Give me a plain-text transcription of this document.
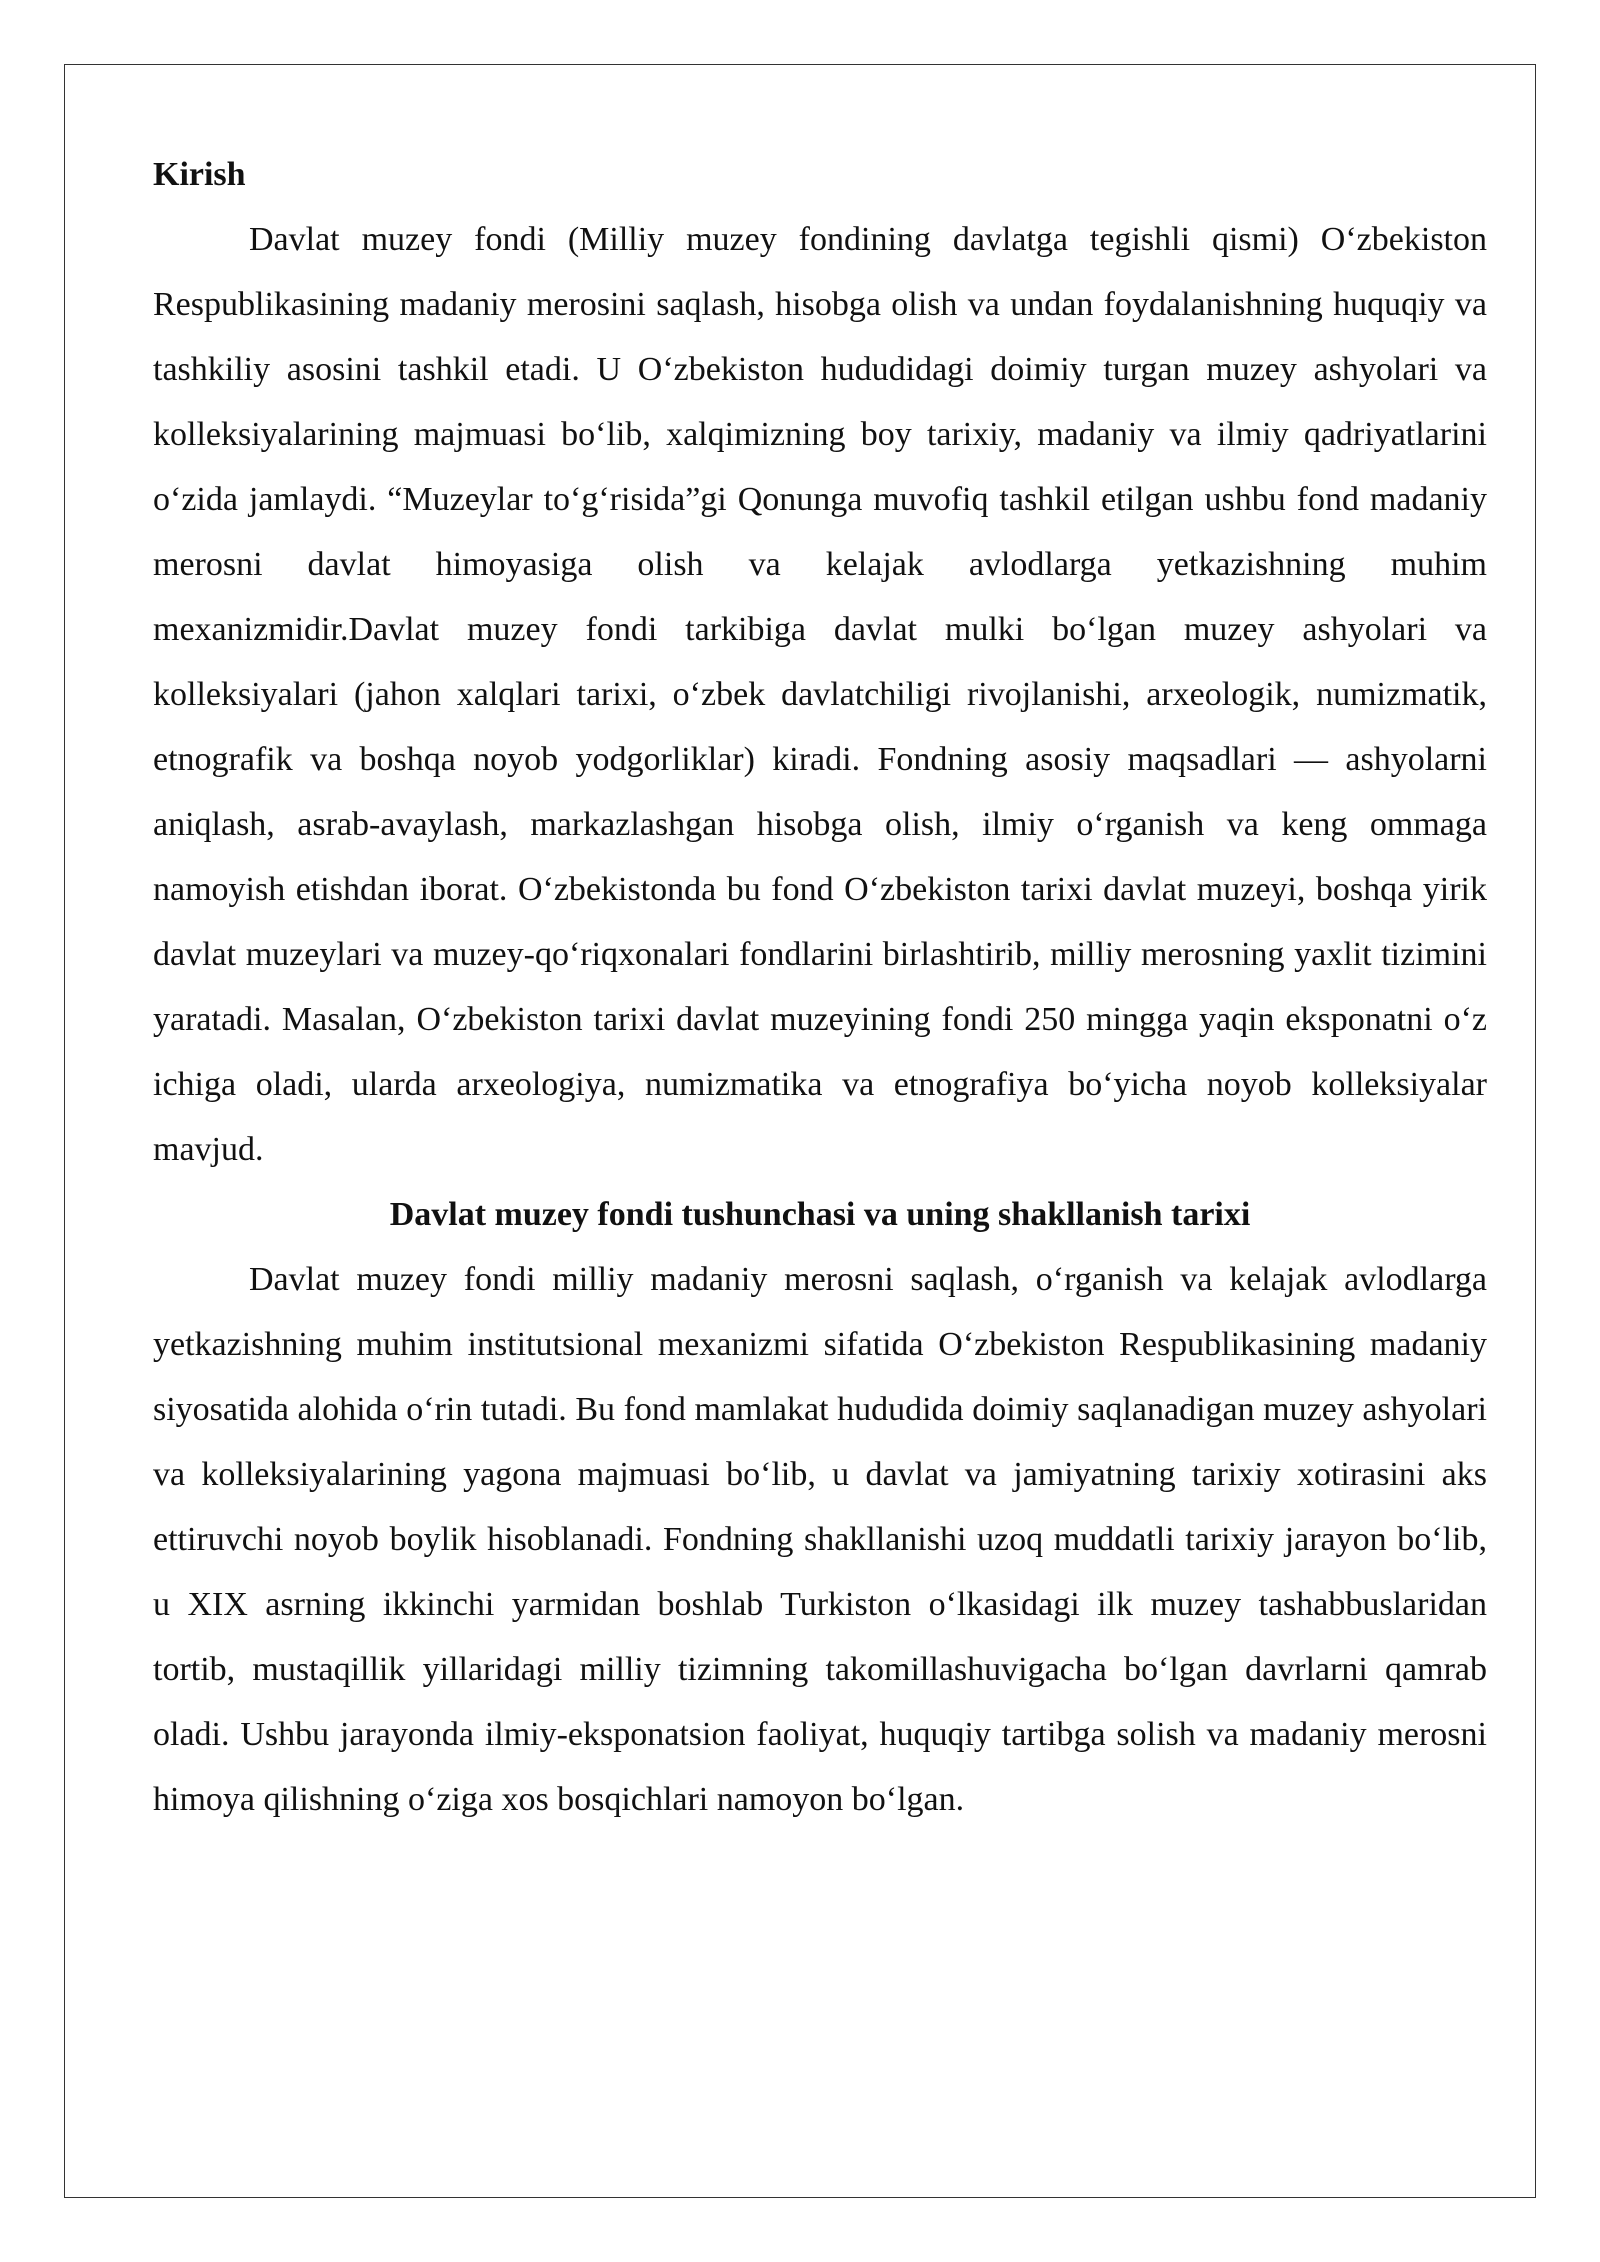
Kirish

Davlat muzey fondi (Milliy muzey fondining davlatga tegishli qismi) O‘zbekiston Respublikasining madaniy merosini saqlash, hisobga olish va undan foydalanishning huquqiy va tashkiliy asosini tashkil etadi. U O‘zbekiston hududidagi doimiy turgan muzey ashyolari va kolleksiyalarining majmuasi bo‘lib, xalqimizning boy tarixiy, madaniy va ilmiy qadriyatlarini o‘zida jamlaydi. “Muzeylar to‘g‘risida”gi Qonunga muvofiq tashkil etilgan ushbu fond madaniy merosni davlat himoyasiga olish va kelajak avlodlarga yetkazishning muhim mexanizmidir.Davlat muzey fondi tarkibiga davlat mulki bo‘lgan muzey ashyolari va kolleksiyalari (jahon xalqlari tarixi, o‘zbek davlatchiligi rivojlanishi, arxeologik, numizmatik, etnografik va boshqa noyob yodgorliklar) kiradi. Fondning asosiy maqsadlari — ashyolarni aniqlash, asrab-avaylash, markazlashgan hisobga olish, ilmiy o‘rganish va keng ommaga namoyish etishdan iborat. O‘zbekistonda bu fond O‘zbekiston tarixi davlat muzeyi, boshqa yirik davlat muzeylari va muzey-qo‘riqxonalari fondlarini birlashtirib, milliy merosning yaxlit tizimini yaratadi. Masalan, O‘zbekiston tarixi davlat muzeyining fondi 250 mingga yaqin eksponatni o‘z ichiga oladi, ularda arxeologiya, numizmatika va etnografiya bo‘yicha noyob kolleksiyalar mavjud.

Davlat muzey fondi tushunchasi va uning shakllanish tarixi

Davlat muzey fondi milliy madaniy merosni saqlash, o‘rganish va kelajak avlodlarga yetkazishning muhim institutsional mexanizmi sifatida O‘zbekiston Respublikasining madaniy siyosatida alohida o‘rin tutadi. Bu fond mamlakat hududida doimiy saqlanadigan muzey ashyolari va kolleksiyalarining yagona majmuasi bo‘lib, u davlat va jamiyatning tarixiy xotirasini aks ettiruvchi noyob boylik hisoblanadi. Fondning shakllanishi uzoq muddatli tarixiy jarayon bo‘lib, u XIX asrning ikkinchi yarmidan boshlab Turkiston o‘lkasidagi ilk muzey tashabbuslaridan tortib, mustaqillik yillaridagi milliy tizimning takomillashuvigacha bo‘lgan davrlarni qamrab oladi. Ushbu jarayonda ilmiy-eksponatsion faoliyat, huquqiy tartibga solish va madaniy merosni himoya qilishning o‘ziga xos bosqichlari namoyon bo‘lgan.
